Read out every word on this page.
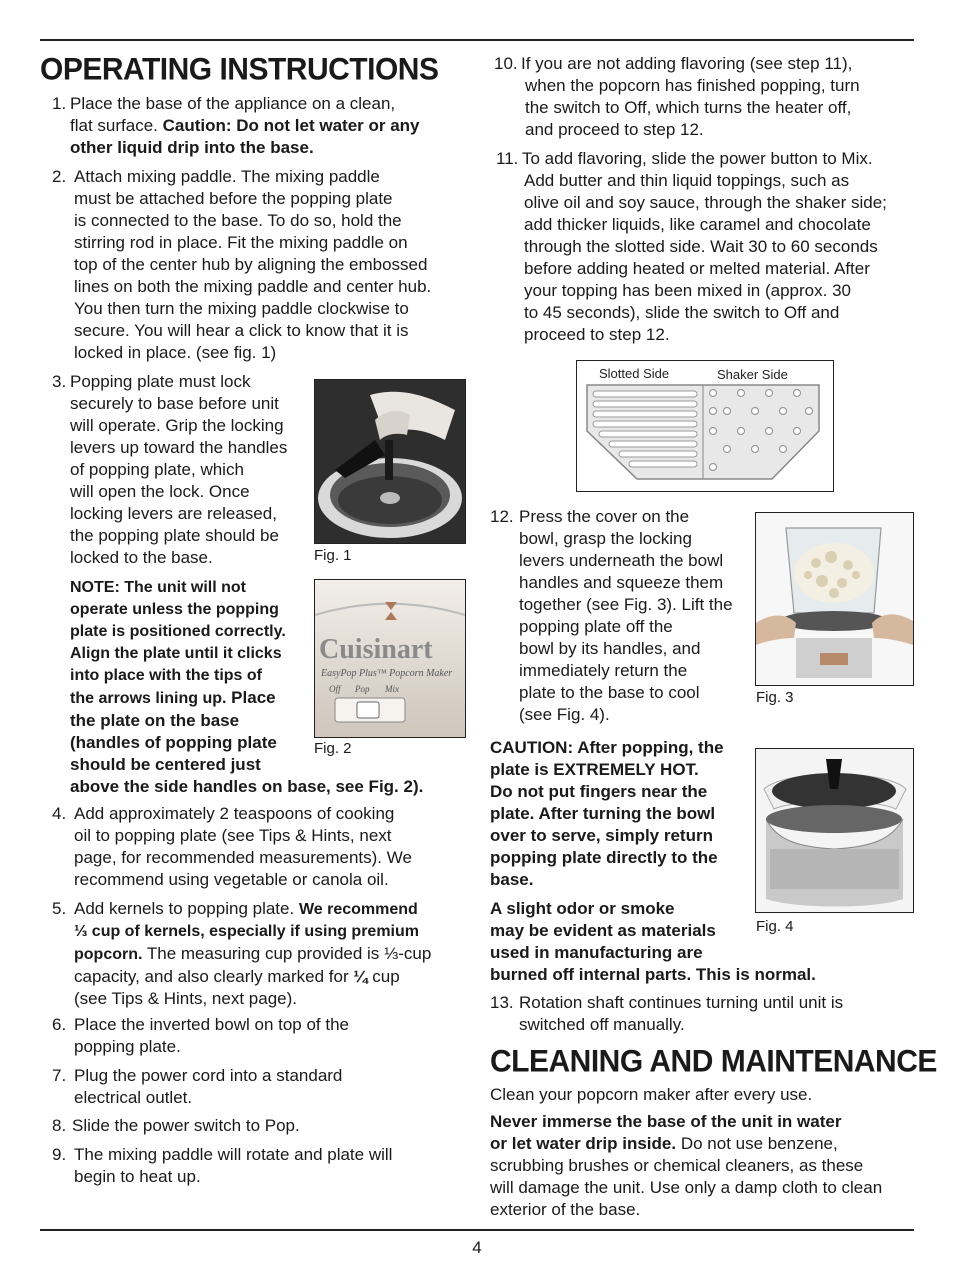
OPERATING INSTRUCTIONS
1. Place the base of the appliance on a clean,

flat surface. Caution: Do not let water or any

other liquid drip into the base.

2. Attach mixing paddle. The mixing paddle

must be attached before the popping plate

is connected to the base. To do so, hold the

stirring rod in place. Fit the mixing paddle on

top of the center hub by aligning the embossed

lines on both the mixing paddle and center hub.

You then turn the mixing paddle clockwise to

secure. You will hear a click to know that it is

locked in place. (see fig. 1)

3. Popping plate must lock

securely to base before unit

will operate. Grip the locking

levers up toward the handles

of popping plate, which

will open the lock. Once

locking levers are released,

the popping plate should be

locked to the base.	Fig. 1

NOTE: The unit will not

operate unless the popping

plate is positioned correctly.

Align the plate until it clicks

into place with the tips of

the arrows lining up. Place

the plate on the base

(handles of popping plate

should be centered just

above the side handles on base, see Fig. 2).

Cuisinart
EasyPop Plus™ Popcorn Maker
Off Pop Mix
Fig. 2
4. Add approximately 2 teaspoons of cooking

oil to popping plate (see Tips & Hints, next

page, for recommended measurements). We

recommend using vegetable or canola oil.

5. Add kernels to popping plate. We recommend

⅓ cup of kernels, especially if using premium

popcorn. The measuring cup provided is ⅓-cup

capacity, and also clearly marked for ¼ cup

(see Tips & Hints, next page).

6. Place the inverted bowl on top of the

popping plate.

7. Plug the power cord into a standard

electrical outlet.

8. Slide the power switch to Pop.

9. The mixing paddle will rotate and plate will

begin to heat up.

10. If you are not adding flavoring (see step 11),

when the popcorn has finished popping, turn

the switch to Off, which turns the heater off,

and proceed to step 12.

11. To add flavoring, slide the power button to Mix.

Add butter and thin liquid toppings, such as

olive oil and soy sauce, through the shaker side;

add thicker liquids, like caramel and chocolate

through the slotted side. Wait 30 to 60 seconds

before adding heated or melted material. After

your topping has been mixed in (approx. 30

to 45 seconds), slide the switch to Off and

proceed to step 12.

Slotted Side	Shaker Side
12. Press the cover on the

bowl, grasp the locking

levers underneath the bowl

handles and squeeze them

together (see Fig. 3). Lift the

popping plate off the

bowl by its handles, and

immediately return the

plate to the base to cool

(see Fig. 4).

Fig. 3

CAUTION: After popping, the

plate is EXTREMELY HOT.

Do not put fingers near the

plate. After turning the bowl

over to serve, simply return

popping plate directly to the

base.

Fig. 4

A slight odor or smoke

may be evident as materials

used in manufacturing are

burned off internal parts. This is normal.

13. Rotation shaft continues turning until unit is

switched off manually.

CLEANING AND MAINTENANCE
Clean your popcorn maker after every use.

Never immerse the base of the unit in water

or let water drip inside. Do not use benzene,

scrubbing brushes or chemical cleaners, as these

will damage the unit. Use only a damp cloth to clean

exterior of the base.

4
